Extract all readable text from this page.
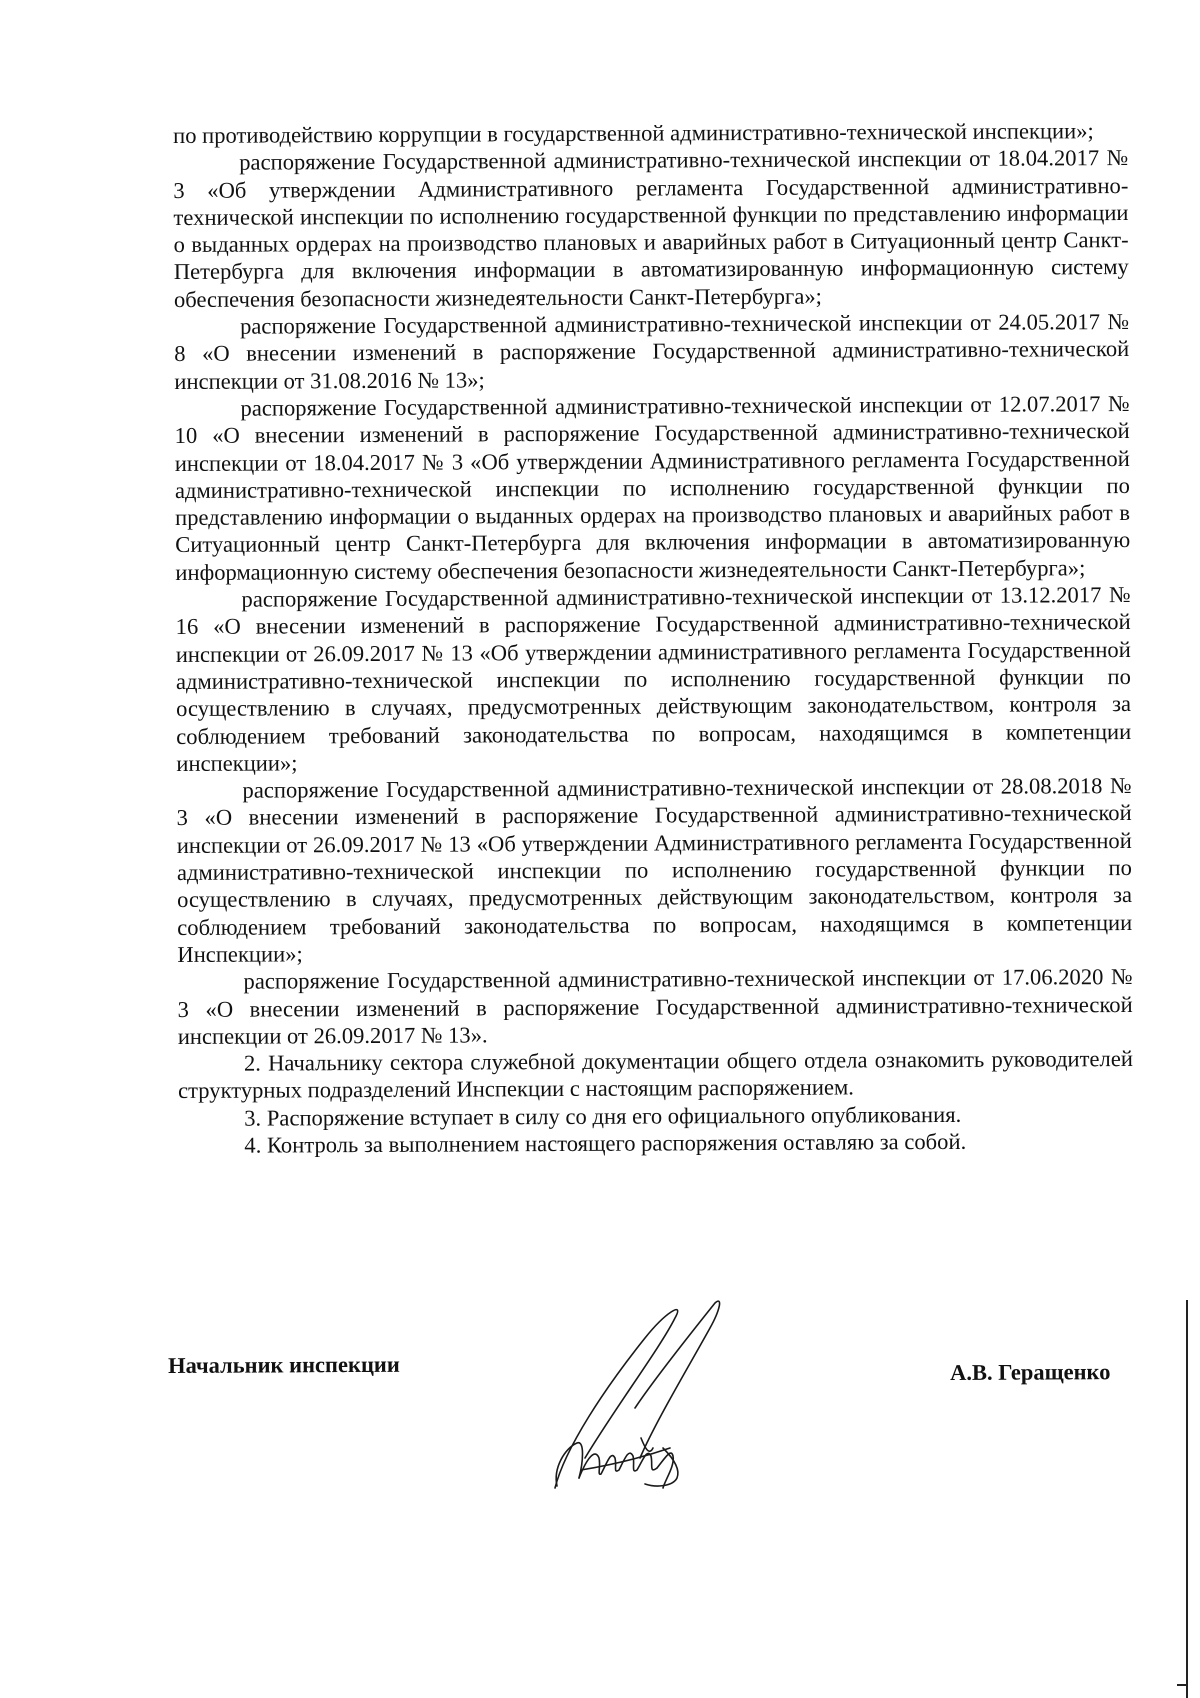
по противодействию коррупции в государственной административно-технической инспекции»;

распоряжение Государственной административно-технической инспекции от 18.04.2017 № 3 «Об утверждении Административного регламента Государственной административно-технической инспекции по исполнению государственной функции по представлению информации о выданных ордерах на производство плановых и аварийных работ в Ситуационный центр Санкт-Петербурга для включения информации в автоматизированную информационную систему обеспечения безопасности жизнедеятельности Санкт-Петербурга»;

распоряжение Государственной административно-технической инспекции от 24.05.2017 № 8 «О внесении изменений в распоряжение Государственной административно-технической инспекции от 31.08.2016 № 13»;

распоряжение Государственной административно-технической инспекции от 12.07.2017 № 10 «О внесении изменений в распоряжение Государственной административно-технической инспекции от 18.04.2017 № 3 «Об утверждении Административного регламента Государственной административно-технической инспекции по исполнению государственной функции по представлению информации о выданных ордерах на производство плановых и аварийных работ в Ситуационный центр Санкт-Петербурга для включения информации в автоматизированную информационную систему обеспечения безопасности жизнедеятельности Санкт-Петербурга»;

распоряжение Государственной административно-технической инспекции от 13.12.2017 № 16 «О внесении изменений в распоряжение Государственной административно-технической инспекции от 26.09.2017 № 13 «Об утверждении административного регламента Государственной административно-технической инспекции по исполнению государственной функции по осуществлению в случаях, предусмотренных действующим законодательством, контроля за соблюдением требований законодательства по вопросам, находящимся в компетенции инспекции»;

распоряжение Государственной административно-технической инспекции от 28.08.2018 № 3 «О внесении изменений в распоряжение Государственной административно-технической инспекции от 26.09.2017 № 13 «Об утверждении Административного регламента Государственной административно-технической инспекции по исполнению государственной функции по осуществлению в случаях, предусмотренных действующим законодательством, контроля за соблюдением требований законодательства по вопросам, находящимся в компетенции Инспекции»;

распоряжение Государственной административно-технической инспекции от 17.06.2020 № 3 «О внесении изменений в распоряжение Государственной административно-технической инспекции от 26.09.2017 № 13».

2. Начальнику сектора служебной документации общего отдела ознакомить руководителей структурных подразделений Инспекции с настоящим распоряжением.

3. Распоряжение вступает в силу со дня его официального опубликования.

4. Контроль за выполнением настоящего распоряжения оставляю за собой.

Начальник инспекции	А.В. Геращенко
